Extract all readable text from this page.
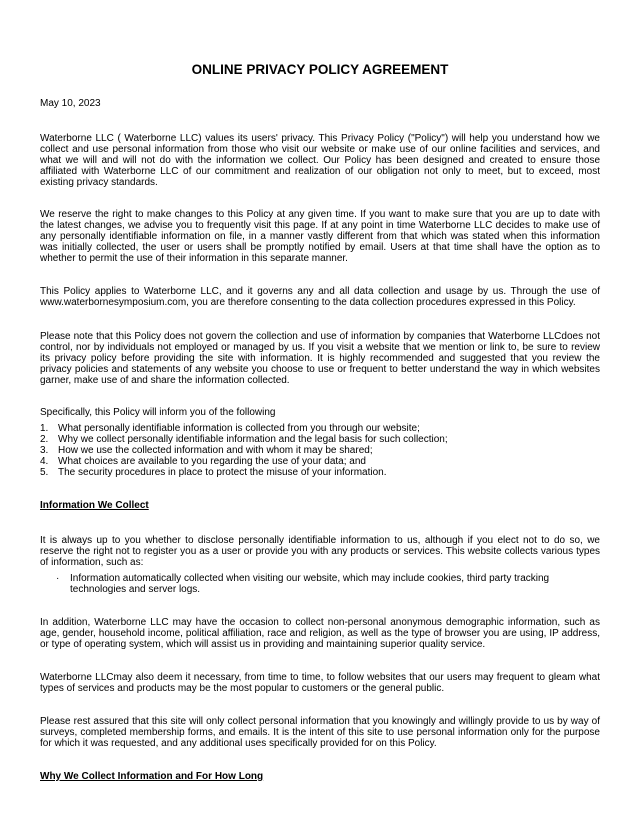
ONLINE PRIVACY POLICY AGREEMENT
May 10, 2023
Waterborne LLC ( Waterborne LLC) values its users' privacy. This Privacy Policy ("Policy") will help you understand how we collect and use personal information from those who visit our website or make use of our online facilities and services, and what we will and will not do with the information we collect. Our Policy has been designed and created to ensure those affiliated with Waterborne LLC of our commitment and realization of our obligation not only to meet, but to exceed, most existing privacy standards.
We reserve the right to make changes to this Policy at any given time. If you want to make sure that you are up to date with the latest changes, we advise you to frequently visit this page. If at any point in time Waterborne LLC decides to make use of any personally identifiable information on file, in a manner vastly different from that which was stated when this information was initially collected, the user or users shall be promptly notified by email. Users at that time shall have the option as to whether to permit the use of their information in this separate manner.
This Policy applies to Waterborne LLC, and it governs any and all data collection and usage by us. Through the use of www.waterbornesymposium.com, you are therefore consenting to the data collection procedures expressed in this Policy.
Please note that this Policy does not govern the collection and use of information by companies that Waterborne LLCdoes not control, nor by individuals not employed or managed by us. If you visit a website that we mention or link to, be sure to review its privacy policy before providing the site with information. It is highly recommended and suggested that you review the privacy policies and statements of any website you choose to use or frequent to better understand the way in which websites garner, make use of and share the information collected.
Specifically, this Policy will inform you of the following
1. What personally identifiable information is collected from you through our website;
2. Why we collect personally identifiable information and the legal basis for such collection;
3. How we use the collected information and with whom it may be shared;
4. What choices are available to you regarding the use of your data; and
5. The security procedures in place to protect the misuse of your information.
Information We Collect
It is always up to you whether to disclose personally identifiable information to us, although if you elect not to do so, we reserve the right not to register you as a user or provide you with any products or services. This website collects various types of information, such as:
·	Information automatically collected when visiting our website, which may include cookies, third party tracking technologies and server logs.
In addition, Waterborne LLC may have the occasion to collect non-personal anonymous demographic information, such as age, gender, household income, political affiliation, race and religion, as well as the type of browser you are using, IP address, or type of operating system, which will assist us in providing and maintaining superior quality service.
Waterborne LLCmay also deem it necessary, from time to time, to follow websites that our users may frequent to gleam what types of services and products may be the most popular to customers or the general public.
Please rest assured that this site will only collect personal information that you knowingly and willingly provide to us by way of surveys, completed membership forms, and emails. It is the intent of this site to use personal information only for the purpose for which it was requested, and any additional uses specifically provided for on this Policy.
Why We Collect Information and For How Long
